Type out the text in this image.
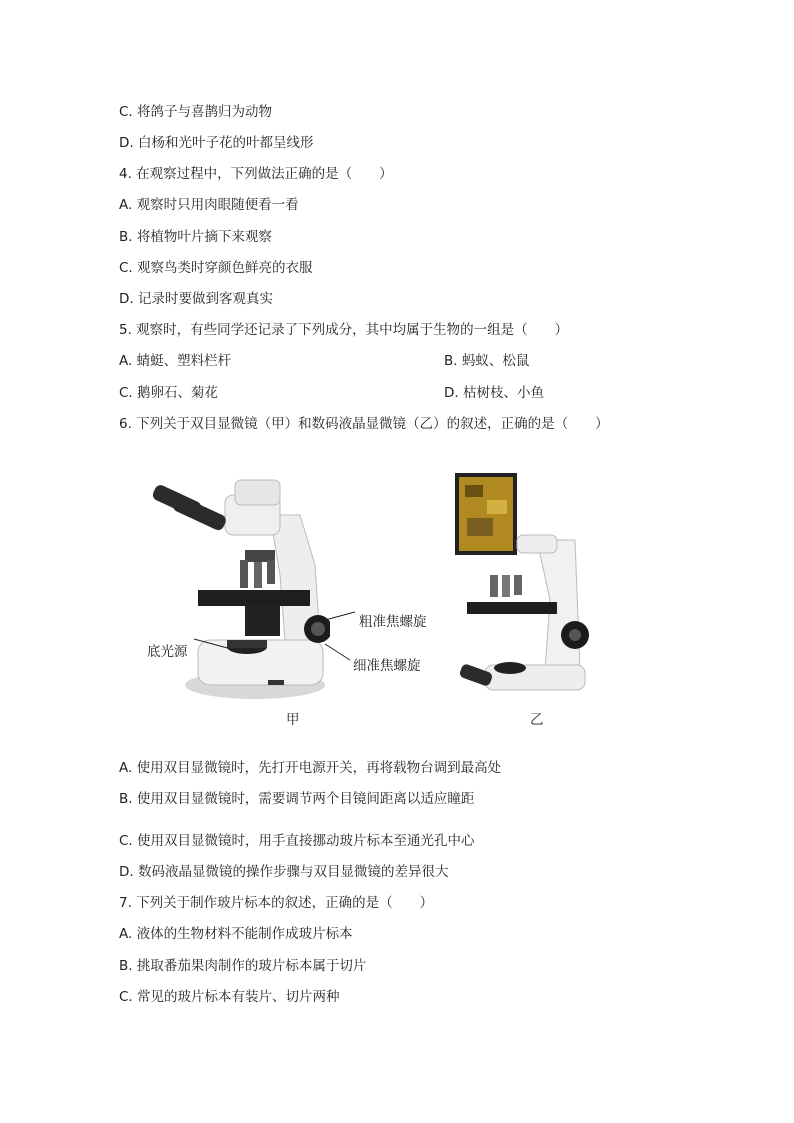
C. 将鸽子与喜鹊归为动物
D. 白杨和光叶子花的叶都呈线形
4. 在观察过程中，下列做法正确的是（　　）
A. 观察时只用肉眼随便看一看
B. 将植物叶片摘下来观察
C. 观察鸟类时穿颜色鲜亮的衣服
D. 记录时要做到客观真实
5. 观察时，有些同学还记录了下列成分，其中均属于生物的一组是（　　）
A. 蜻蜓、塑料栏杆	B. 蚂蚁、松鼠
C. 鹅卵石、菊花	D. 枯树枝、小鱼
6. 下列关于双目显微镜（甲）和数码液晶显微镜（乙）的叙述，正确的是（　　）
粗准焦螺旋
细准焦螺旋
底光源
甲	乙
A. 使用双目显微镜时，先打开电源开关，再将载物台调到最高处
B. 使用双目显微镜时，需要调节两个目镜间距离以适应瞳距
C. 使用双目显微镜时，用手直接挪动玻片标本至通光孔中心
D. 数码液晶显微镜的操作步骤与双目显微镜的差异很大
7. 下列关于制作玻片标本的叙述，正确的是（　　）
A. 液体的生物材料不能制作成玻片标本
B. 挑取番茄果肉制作的玻片标本属于切片
C. 常见的玻片标本有装片、切片两种
